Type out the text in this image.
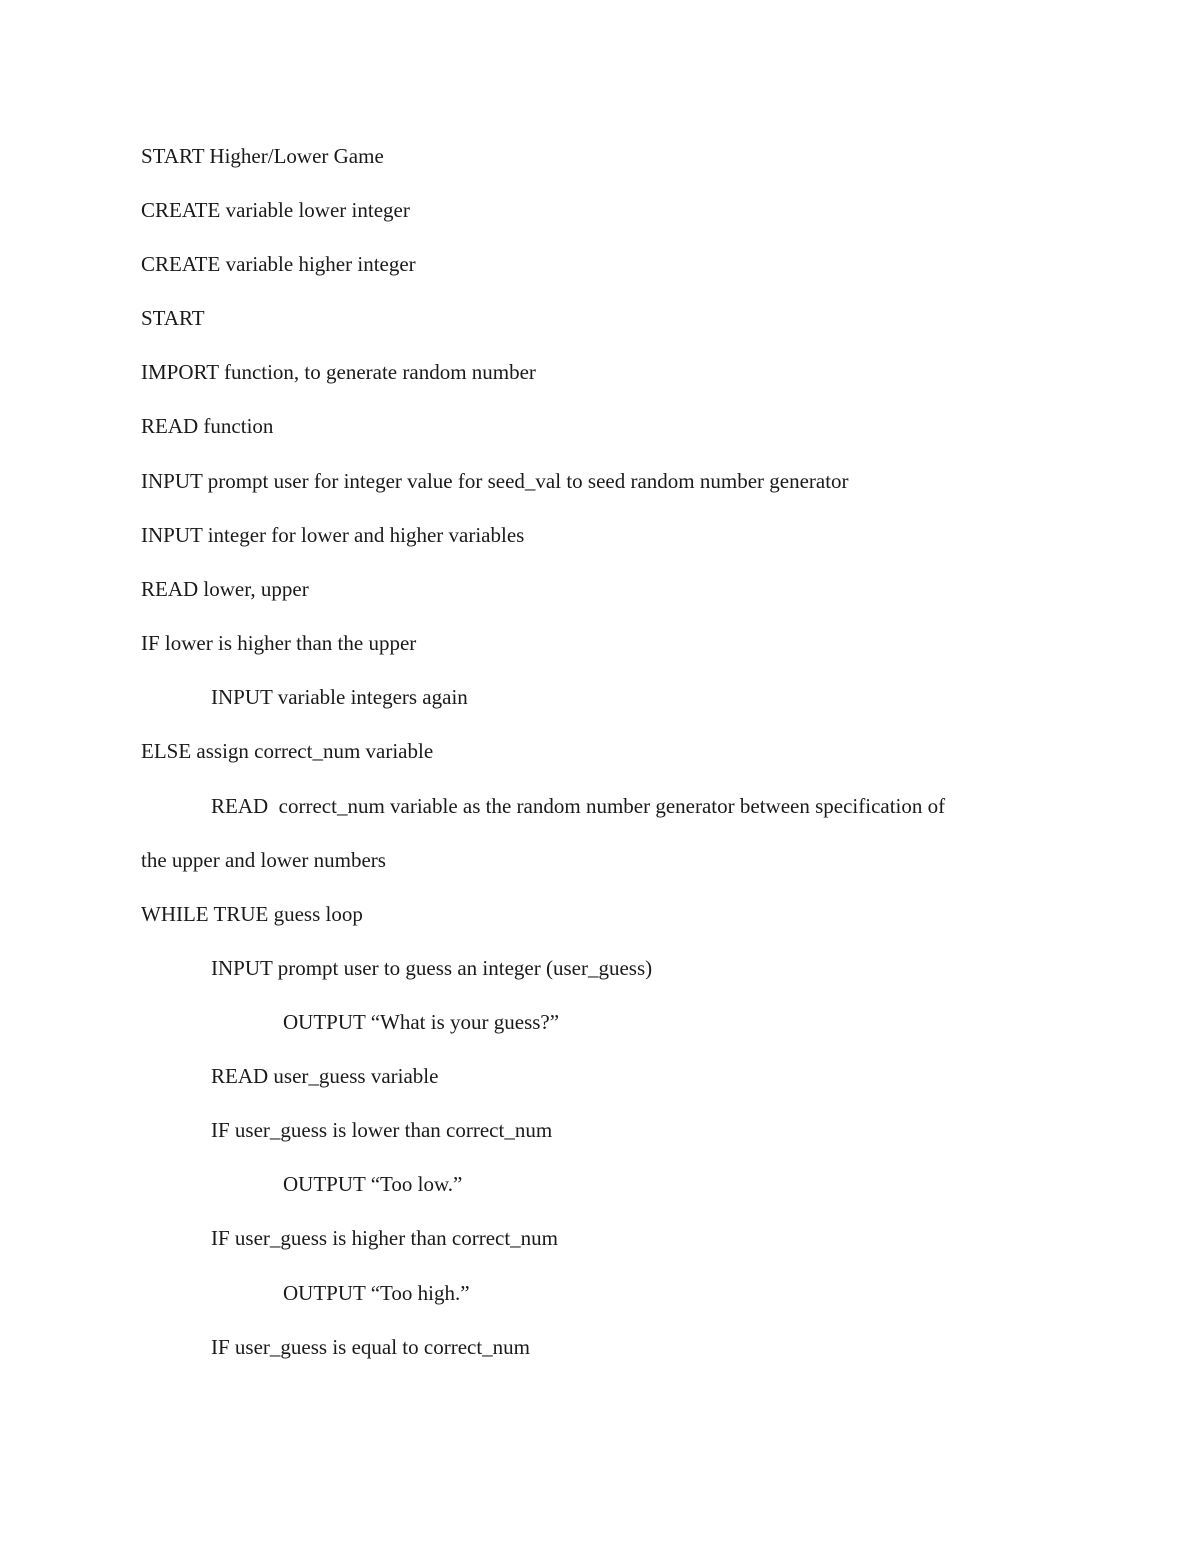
START Higher/Lower Game
CREATE variable lower integer
CREATE variable higher integer
START
IMPORT function, to generate random number
READ function
INPUT prompt user for integer value for seed_val to seed random number generator
INPUT integer for lower and higher variables
READ lower, upper
IF lower is higher than the upper
INPUT variable integers again
ELSE assign correct_num variable
READ  correct_num variable as the random number generator between specification of
the upper and lower numbers
WHILE TRUE guess loop
INPUT prompt user to guess an integer (user_guess)
OUTPUT “What is your guess?”
READ user_guess variable
IF user_guess is lower than correct_num
OUTPUT “Too low.”
IF user_guess is higher than correct_num
OUTPUT “Too high.”
IF user_guess is equal to correct_num
